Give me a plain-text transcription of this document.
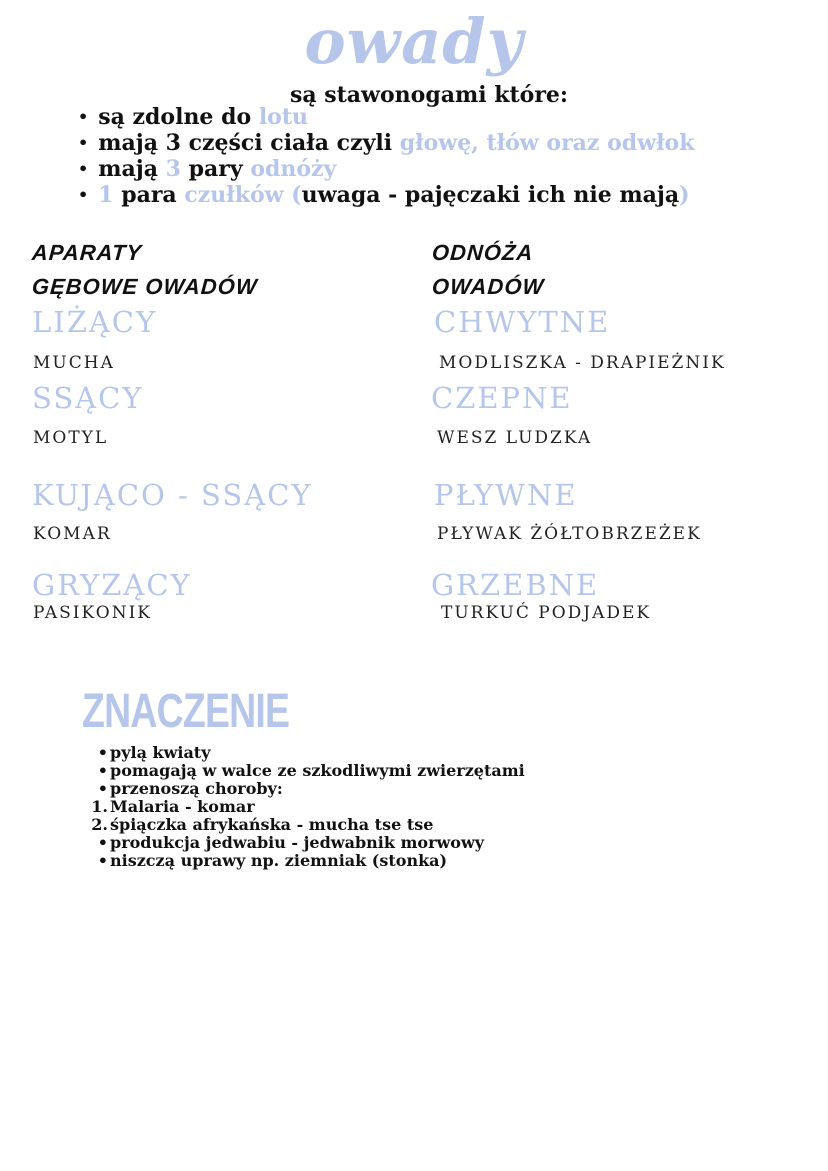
owady
są stawonogami które:
• są zdolne do lotu
• mają 3 części ciała czyli głowę, tłów oraz odwłok
• mają 3 pary odnóży
• 1 para czułków (uwaga - pajęczaki ich nie mają)
APARATY
GĘBOWE OWADÓW
LIŻĄCY
MUCHA
SSĄCY
MOTYL
KUJĄCO - SSĄCY
KOMAR
GRYZĄCY
PASIKONIK
ODNÓŻA
OWADÓW
CHWYTNE
MODLISZKA - DRAPIEŻNIK
CZEPNE
WESZ LUDZKA
PŁYWNE
PŁYWAK ŻÓŁTOBRZEŻEK
GRZEBNE
TURKUĆ PODJADEK
ZNACZENIE
• pylą kwiaty
• pomagają w walce ze szkodliwymi zwierzętami
• przenoszą choroby:
1. Malaria - komar
2. śpiączka afrykańska - mucha tse tse
• produkcja jedwabiu - jedwabnik morwowy
• niszczą uprawy np. ziemniak (stonka)
